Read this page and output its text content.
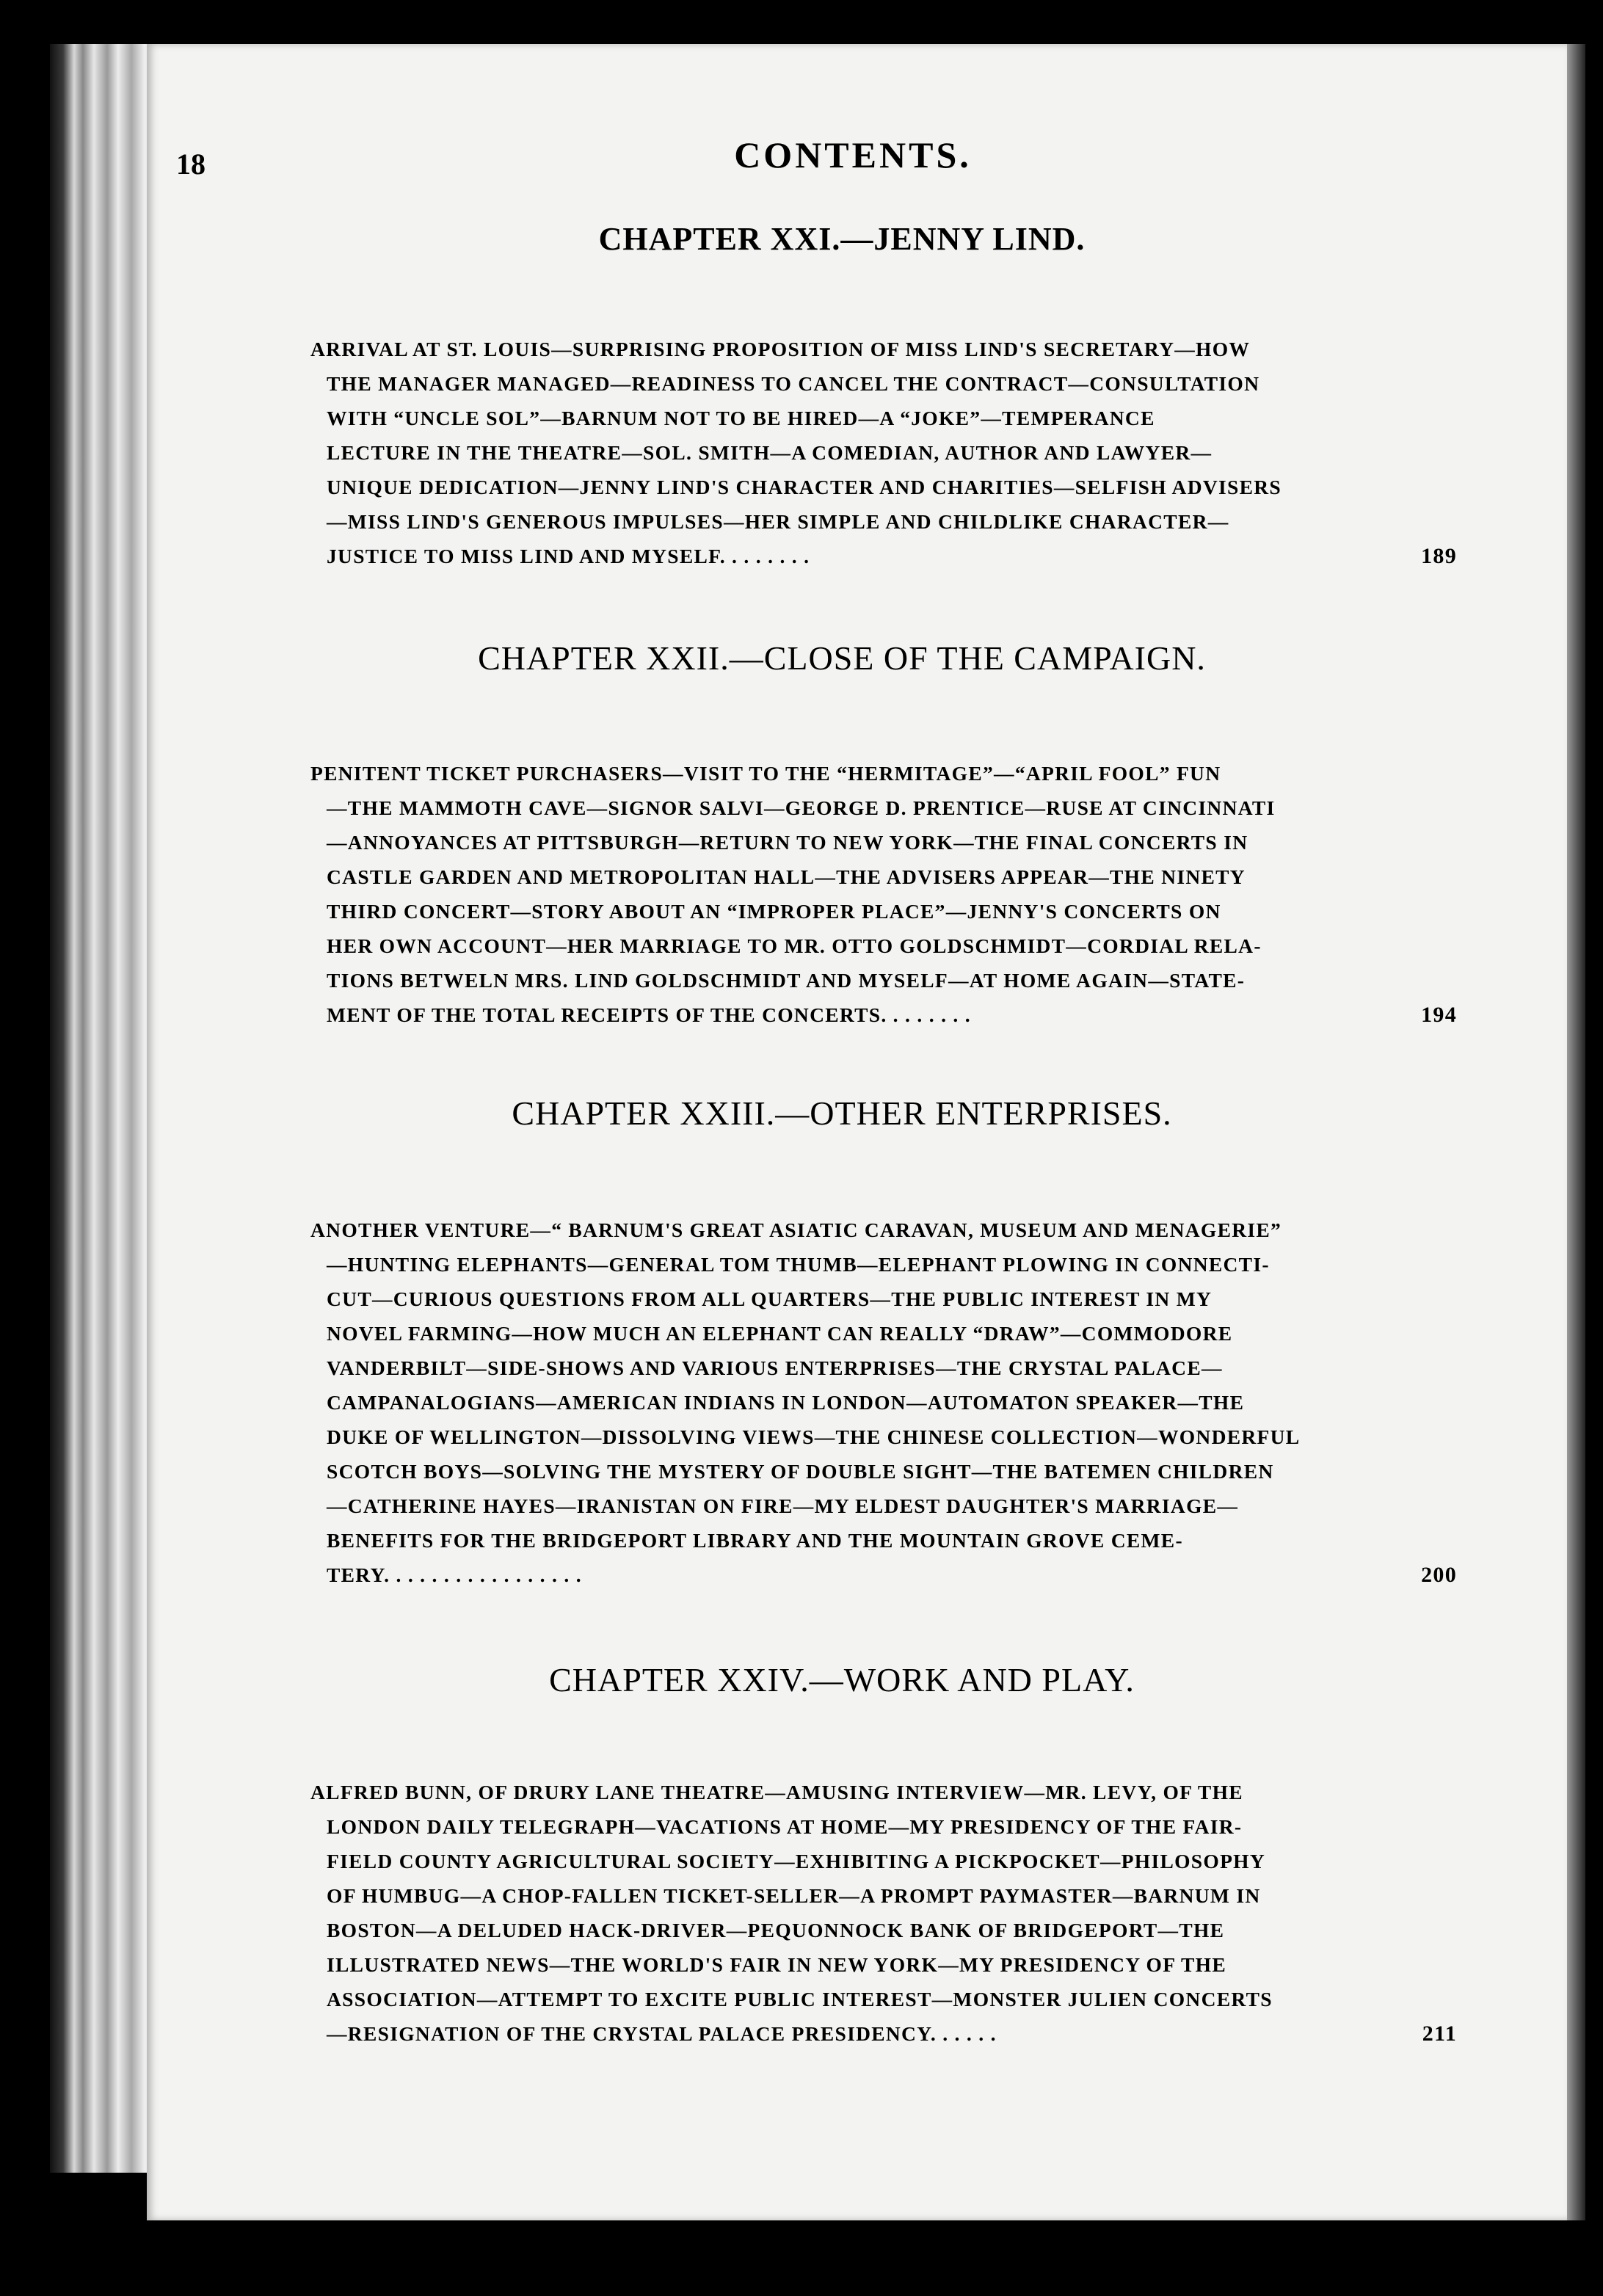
18	CONTENTS.
CHAPTER XXI.—JENNY LIND.
ARRIVAL AT ST. LOUIS—SURPRISING PROPOSITION OF MISS LIND'S SECRETARY—HOW
THE MANAGER MANAGED—READINESS TO CANCEL THE CONTRACT—CONSULTATION
WITH “UNCLE SOL”—BARNUM NOT TO BE HIRED—A “JOKE”—TEMPERANCE
LECTURE IN THE THEATRE—SOL. SMITH—A COMEDIAN, AUTHOR AND LAWYER—
UNIQUE DEDICATION—JENNY LIND'S CHARACTER AND CHARITIES—SELFISH ADVISERS
—MISS LIND'S GENEROUS IMPULSES—HER SIMPLE AND CHILDLIKE CHARACTER—
JUSTICE TO MISS LIND AND MYSELF. . . . . . . .	189
CHAPTER XXII.—CLOSE OF THE CAMPAIGN.
PENITENT TICKET PURCHASERS—VISIT TO THE “HERMITAGE”—“APRIL FOOL” FUN
—THE MAMMOTH CAVE—SIGNOR SALVI—GEORGE D. PRENTICE—RUSE AT CINCINNATI
—ANNOYANCES AT PITTSBURGH—RETURN TO NEW YORK—THE FINAL CONCERTS IN
CASTLE GARDEN AND METROPOLITAN HALL—THE ADVISERS APPEAR—THE NINETY
THIRD CONCERT—STORY ABOUT AN “IMPROPER PLACE”—JENNY'S CONCERTS ON
HER OWN ACCOUNT—HER MARRIAGE TO MR. OTTO GOLDSCHMIDT—CORDIAL RELA-
TIONS BETWELN MRS. LIND GOLDSCHMIDT AND MYSELF—AT HOME AGAIN—STATE-
MENT OF THE TOTAL RECEIPTS OF THE CONCERTS. . . . . . . .	194
CHAPTER XXIII.—OTHER ENTERPRISES.
ANOTHER VENTURE—“ BARNUM'S GREAT ASIATIC CARAVAN, MUSEUM AND MENAGERIE”
—HUNTING ELEPHANTS—GENERAL TOM THUMB—ELEPHANT PLOWING IN CONNECTI-
CUT—CURIOUS QUESTIONS FROM ALL QUARTERS—THE PUBLIC INTEREST IN MY
NOVEL FARMING—HOW MUCH AN ELEPHANT CAN REALLY “DRAW”—COMMODORE
VANDERBILT—SIDE-SHOWS AND VARIOUS ENTERPRISES—THE CRYSTAL PALACE—
CAMPANALOGIANS—AMERICAN INDIANS IN LONDON—AUTOMATON SPEAKER—THE
DUKE OF WELLINGTON—DISSOLVING VIEWS—THE CHINESE COLLECTION—WONDERFUL
SCOTCH BOYS—SOLVING THE MYSTERY OF DOUBLE SIGHT—THE BATEMEN CHILDREN
—CATHERINE HAYES—IRANISTAN ON FIRE—MY ELDEST DAUGHTER'S MARRIAGE—
BENEFITS FOR THE BRIDGEPORT LIBRARY AND THE MOUNTAIN GROVE CEME-
TERY. . . . . . . . . . . . . . . . .	200
CHAPTER XXIV.—WORK AND PLAY.
ALFRED BUNN, OF DRURY LANE THEATRE—AMUSING INTERVIEW—MR. LEVY, OF THE
LONDON DAILY TELEGRAPH—VACATIONS AT HOME—MY PRESIDENCY OF THE FAIR-
FIELD COUNTY AGRICULTURAL SOCIETY—EXHIBITING A PICKPOCKET—PHILOSOPHY
OF HUMBUG—A CHOP-FALLEN TICKET-SELLER—A PROMPT PAYMASTER—BARNUM IN
BOSTON—A DELUDED HACK-DRIVER—PEQUONNOCK BANK OF BRIDGEPORT—THE
ILLUSTRATED NEWS—THE WORLD'S FAIR IN NEW YORK—MY PRESIDENCY OF THE
ASSOCIATION—ATTEMPT TO EXCITE PUBLIC INTEREST—MONSTER JULIEN CONCERTS
—RESIGNATION OF THE CRYSTAL PALACE PRESIDENCY. . . . . .	211
